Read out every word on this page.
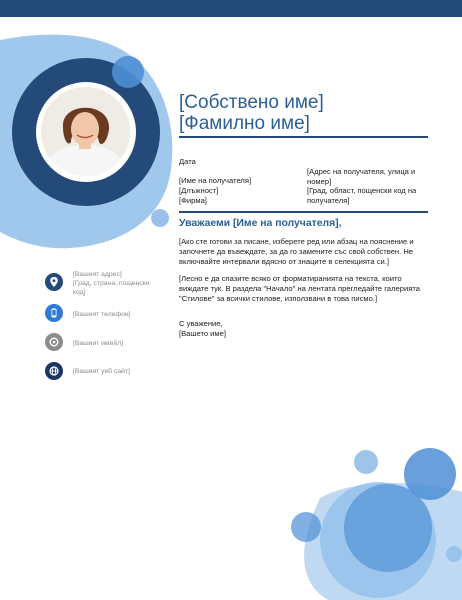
[Собствено име]
[Фамилно име]
Дата
[Име на получателя]
[Длъжност]
[Фирма]
[Адрес на получателя, улица и
номер]
[Град, област, пощенски код на
получателя]
Уважаеми [Име на получателя],
[Ако сте готови за писане, изберете ред или абзац на пояснение и
започнете да въвеждате, за да го замените със свой собствен. Не
включвайте интервали вдясно от знаците в селекцията си.]
[Лесно е да спазите всяко от форматиранията на текста, които
виждате тук. В раздела "Начало" на лентата прегледайте галерията
"Стилове" за всички стилове, използвани в това писмо.]
С уважение,
[Вашето име]
[Вашият адрес]
[Град, страна, пощенски
код]
[Вашият телефон]
[Вашият имейл]
[Вашият уеб сайт]
